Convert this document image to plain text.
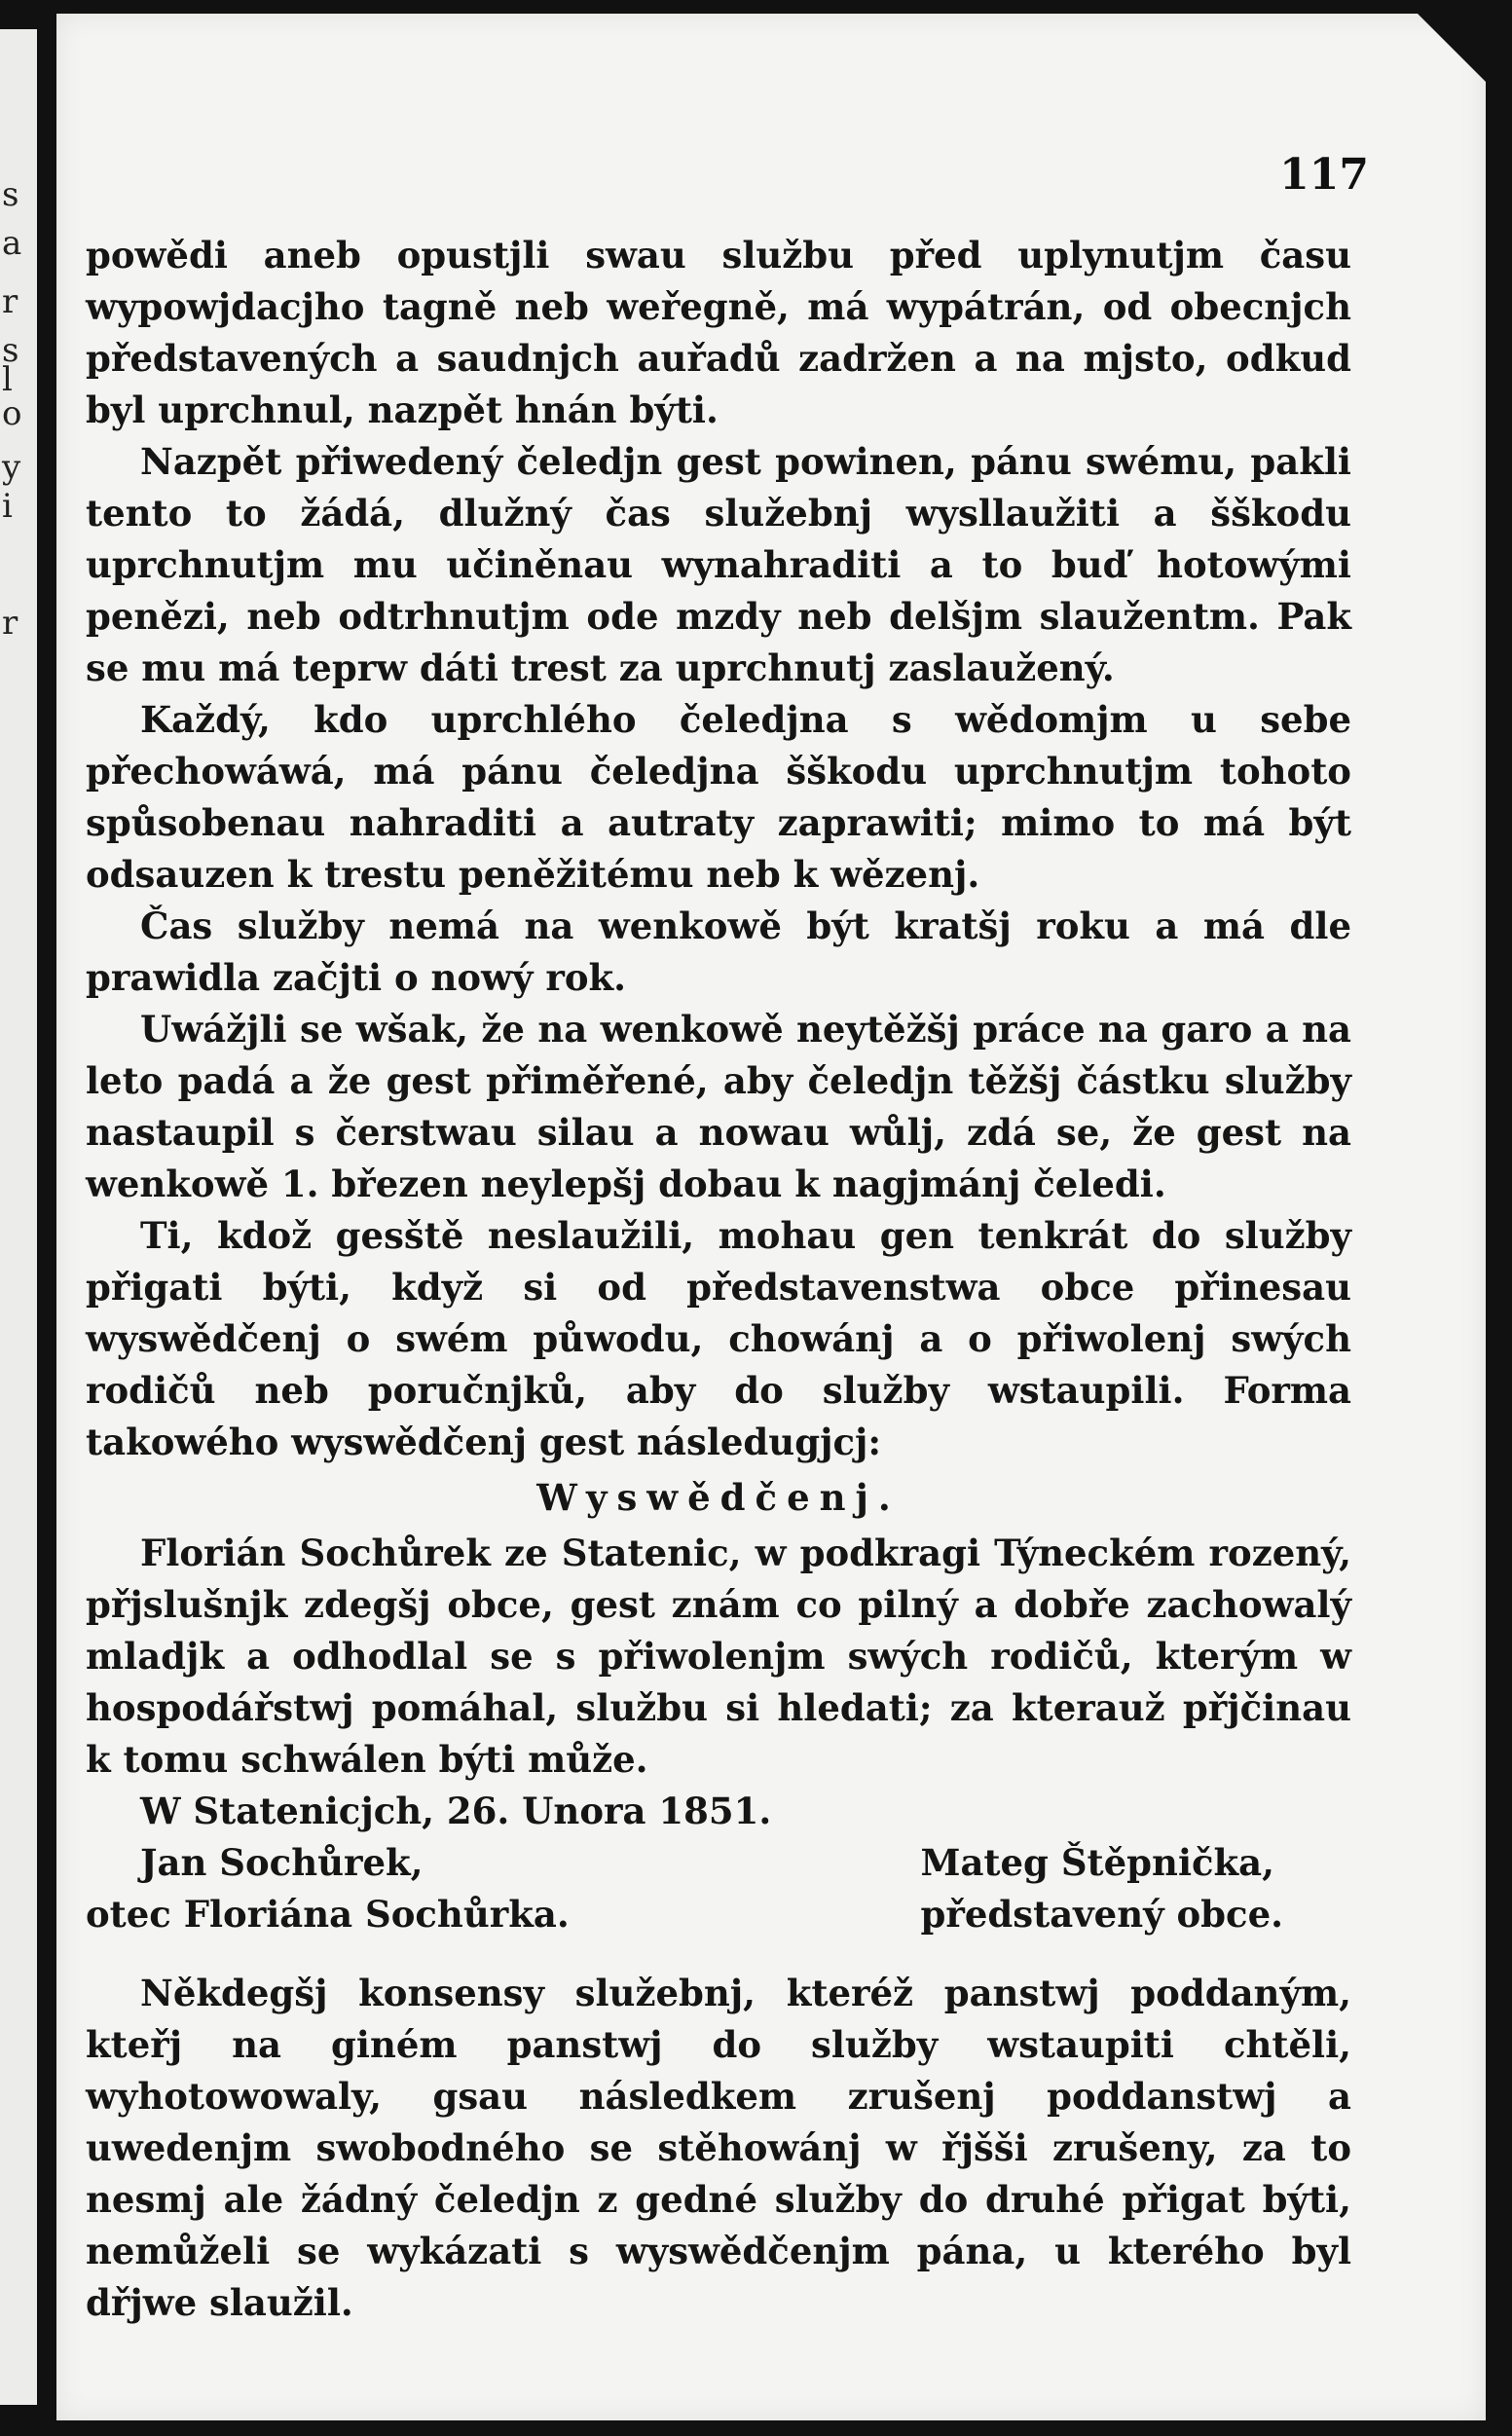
s
a
r
s
l
o
y
i
r
117

powědi aneb opustjli swau službu před uplynutjm času wypowjdacjho tagně neb weřegně, má wypátrán, od obecnjch představených a saudnjch auřadů zadržen a na mjsto, odkud byl uprchnul, nazpět hnán býti.

Nazpět přiwedený čeledjn gest powinen, pánu swému, pakli tento to žádá, dlužný čas služebnj wysllaužiti a šškodu uprchnutjm mu učiněnau wynahraditi a to buď hotowými penězi, neb odtrhnutjm ode mzdy neb delšjm slaužentm. Pak se mu má teprw dáti trest za uprchnutj zaslaužený.

Každý, kdo uprchlého čeledjna s wědomjm u sebe přechowáwá, má pánu čeledjna šškodu uprchnutjm tohoto spůsobenau nahraditi a autraty zaprawiti; mimo to má být odsauzen k trestu peněžitému neb k wězenj.

Čas služby nemá na wenkowě být kratšj roku a má dle prawidla začjti o nowý rok.

Uwážjli se wšak, že na wenkowě neytěžšj práce na garo a na leto padá a že gest přiměřené, aby čeledjn těžšj částku služby nastaupil s čerstwau silau a nowau wůlj, zdá se, že gest na wenkowě 1. březen neylepšj dobau k nagjmánj čeledi.

Ti, kdož gesště neslaužili, mohau gen tenkrát do služby přigati býti, když si od představenstwa obce přinesau wyswědčenj o swém půwodu, chowánj a o přiwolenj swých rodičů neb poručnjků, aby do služby wstaupili. Forma takowého wyswědčenj gest následugjcj:

Wyswědčenj.

Florián Sochůrek ze Statenic, w podkragi Týneckém rozený, přjslušnjk zdegšj obce, gest znám co pilný a dobře zachowalý mladjk a odhodlal se s přiwolenjm swých rodičů, kterým w hospodářstwj pomáhal, službu si hledati; za kterauž přjčinau k tomu schwálen býti může.

W Statenicjch, 26. Unora 1851.

Jan Sochůrek,
otec Floriána Sochůrka.
Mateg Štěpnička,
představený obce.

Někdegšj konsensy služebnj, kteréž panstwj poddaným, kteřj na giném panstwj do služby wstaupiti chtěli, wyhotowowaly, gsau následkem zrušenj poddanstwj a uwedenjm swobodného se stěhowánj w řjšši zrušeny, za to nesmj ale žádný čeledjn z gedné služby do druhé přigat býti, nemůželi se wykázati s wyswědčenjm pána, u kterého byl dřjwe slaužil.
